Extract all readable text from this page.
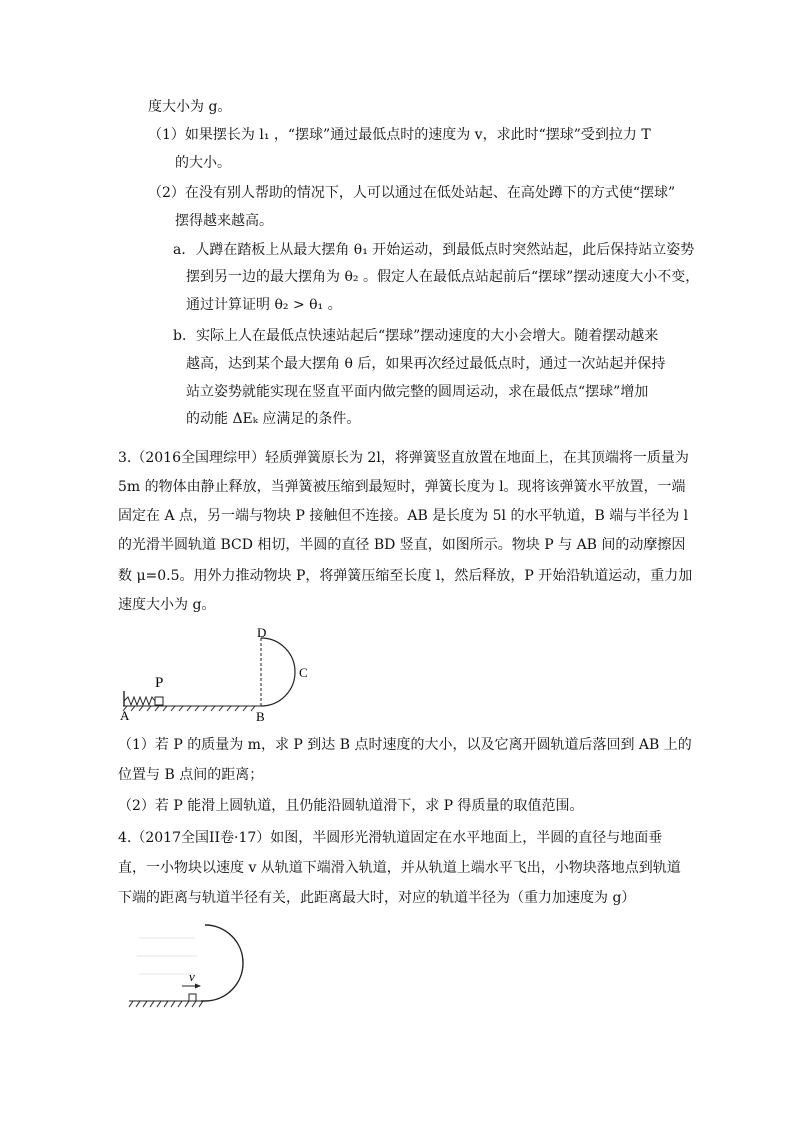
度大小为 g。
（1）如果摆长为 l₁ ，“摆球”通过最低点时的速度为 v，求此时“摆球”受到拉力 T
的大小。
（2）在没有别人帮助的情况下，人可以通过在低处站起、在高处蹲下的方式使“摆球”
摆得越来越高。
a．人蹲在踏板上从最大摆角 θ₁ 开始运动，到最低点时突然站起，此后保持站立姿势
摆到另一边的最大摆角为 θ₂ 。假定人在最低点站起前后“摆球”摆动速度大小不变，
通过计算证明 θ₂ > θ₁ 。
b．实际上人在最低点快速站起后“摆球”摆动速度的大小会增大。随着摆动越来
越高，达到某个最大摆角 θ 后，如果再次经过最低点时，通过一次站起并保持
站立姿势就能实现在竖直平面内做完整的圆周运动，求在最低点“摆球”增加
的动能 ΔEₖ 应满足的条件。
3.（2016全国理综甲）轻质弹簧原长为 2l，将弹簧竖直放置在地面上，在其顶端将一质量为
5m 的物体由静止释放，当弹簧被压缩到最短时，弹簧长度为 l。现将该弹簧水平放置，一端
固定在 A 点，另一端与物块 P 接触但不连接。AB 是长度为 5l 的水平轨道，B 端与半径为 l
的光滑半圆轨道 BCD 相切，半圆的直径 BD 竖直，如图所示。物块 P 与 AB 间的动摩擦因
数 μ=0.5。用外力推动物块 P，将弹簧压缩至长度 l，然后释放，P 开始沿轨道运动，重力加
速度大小为 g。
D
C
P
A	B
（1）若 P 的质量为 m，求 P 到达 B 点时速度的大小，以及它离开圆轨道后落回到 AB 上的
位置与 B 点间的距离；
（2）若 P 能滑上圆轨道，且仍能沿圆轨道滑下，求 P 得质量的取值范围。
4.（2017全国II卷·17）如图，半圆形光滑轨道固定在水平地面上，半圆的直径与地面垂
直，一小物块以速度 v 从轨道下端滑入轨道，并从轨道上端水平飞出，小物块落地点到轨道
下端的距离与轨道半径有关，此距离最大时，对应的轨道半径为（重力加速度为 g）
v
